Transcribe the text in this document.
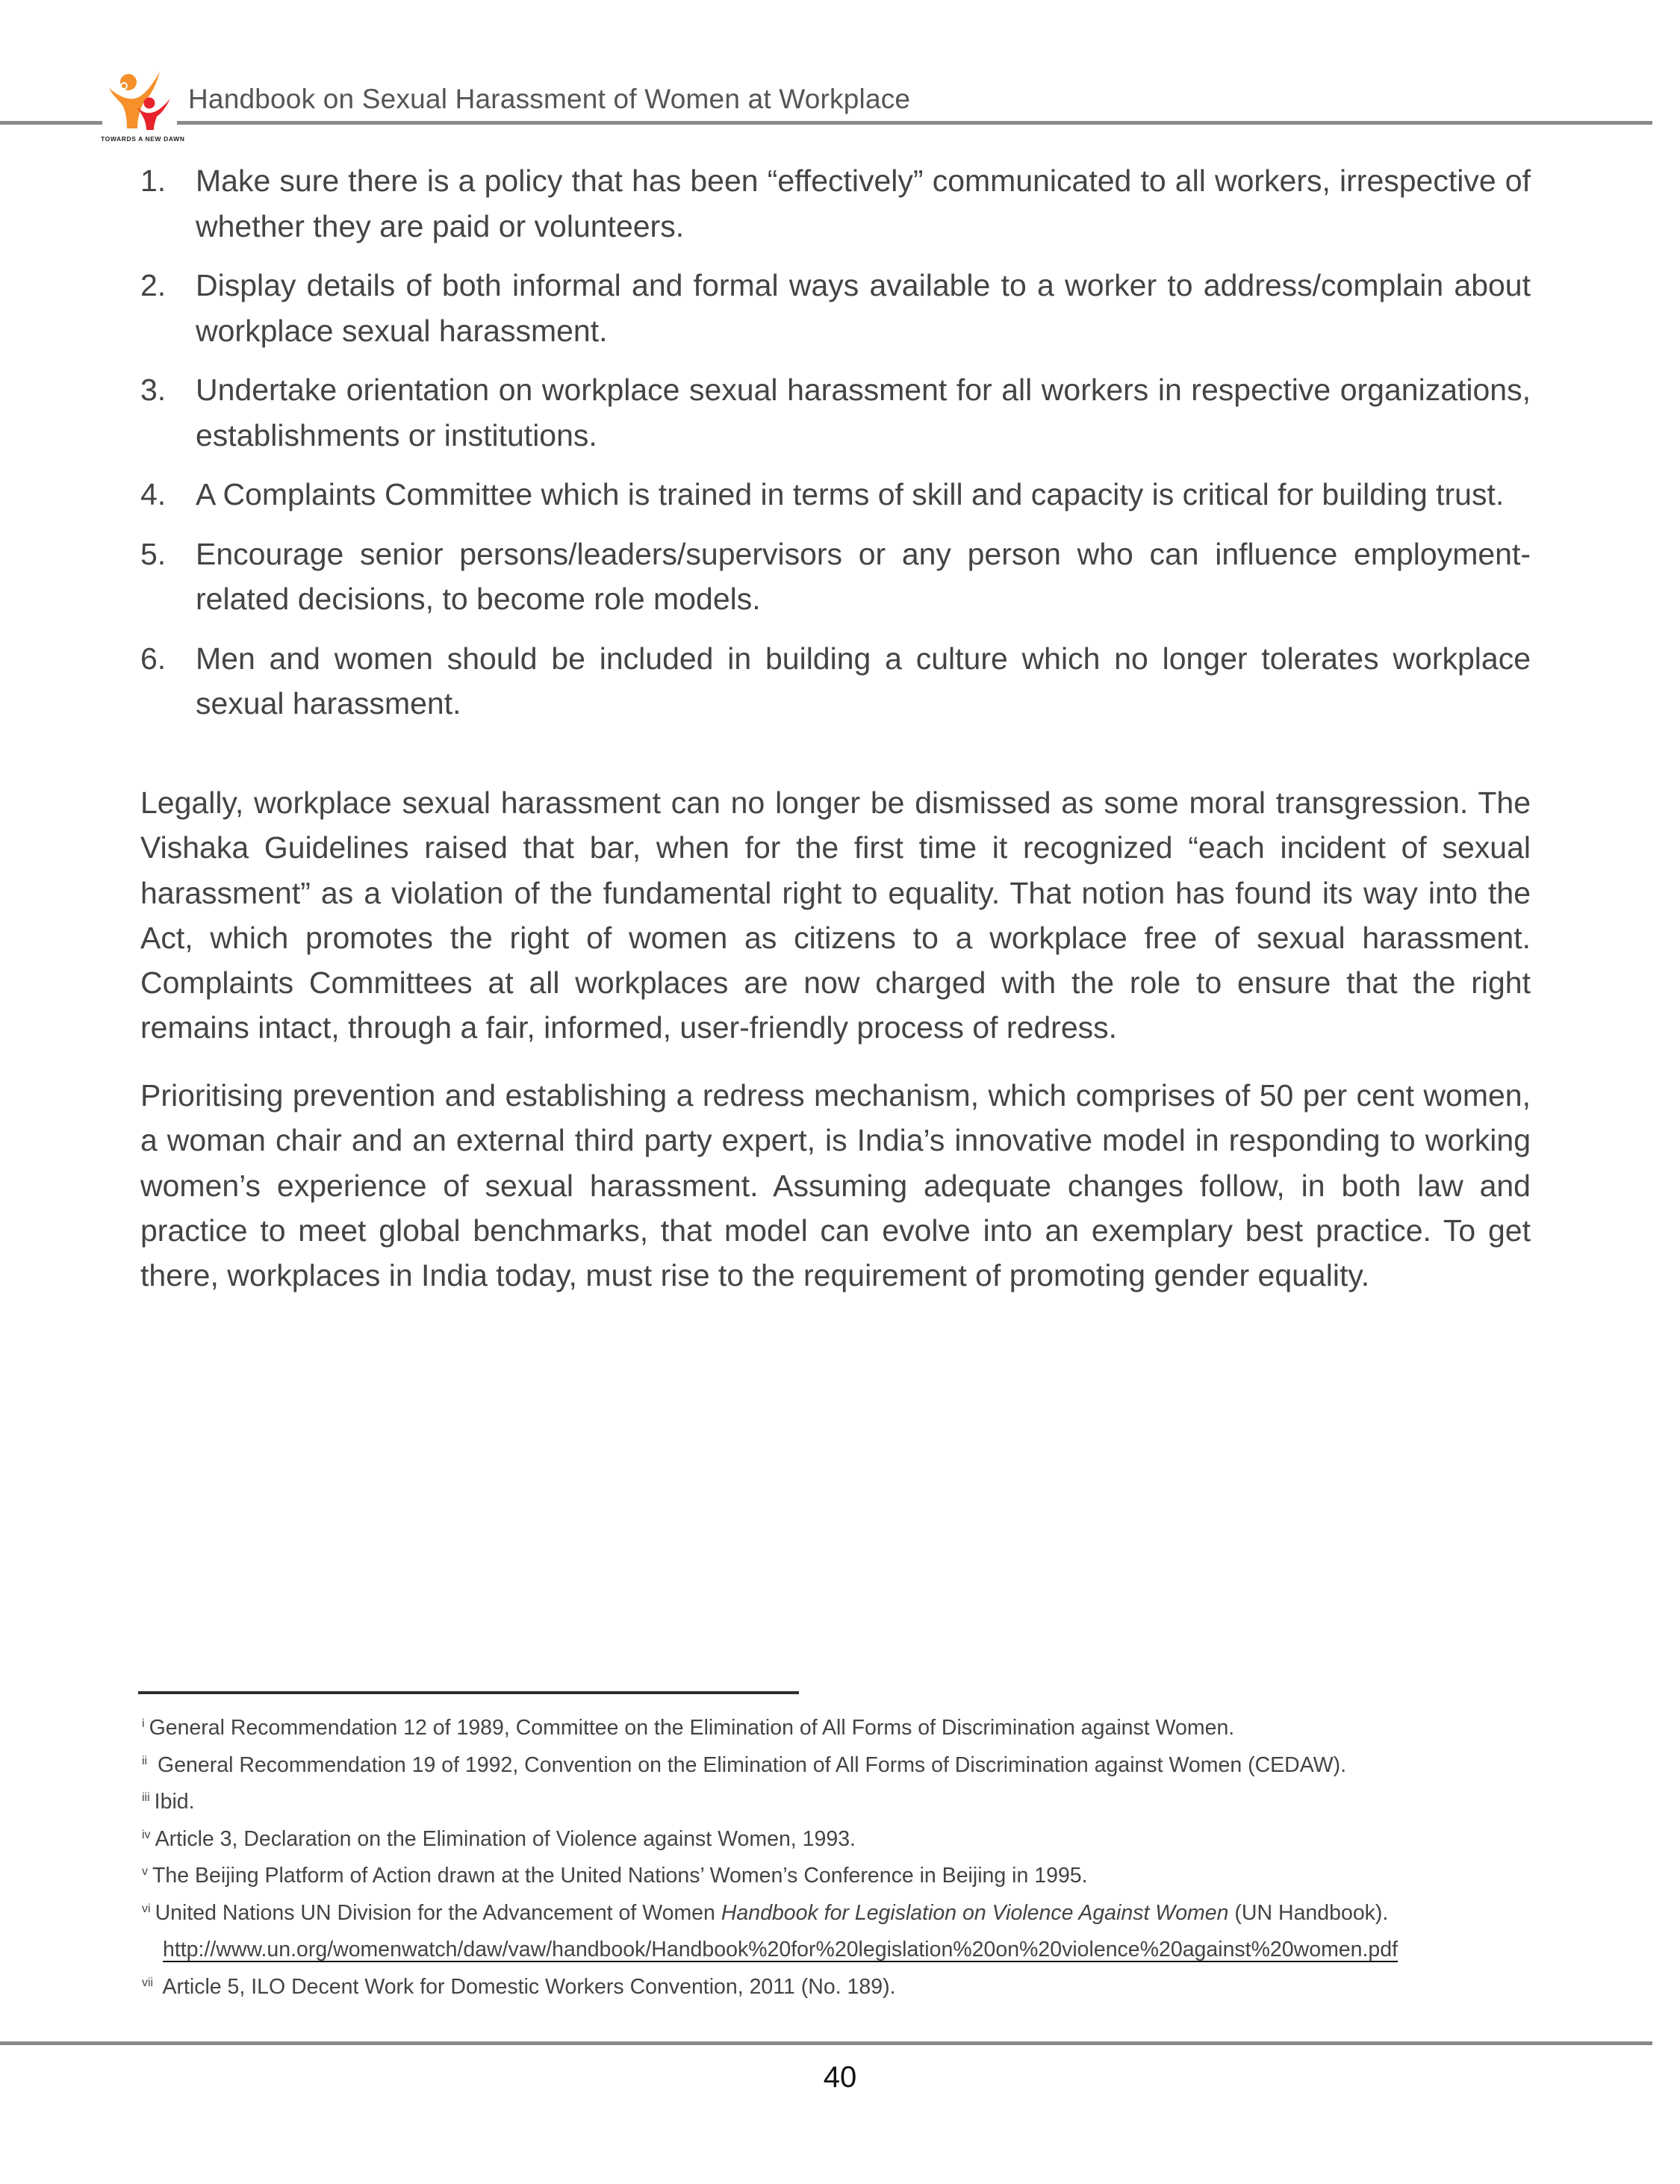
TOWARDS A NEW DAWN
Handbook on Sexual Harassment of Women at Workplace
1. Make sure there is a policy that has been “effectively” communicated to all workers, irrespective of whether they are paid or volunteers.
2. Display details of both informal and formal ways available to a worker to address/complain about workplace sexual harassment.
3. Undertake orientation on workplace sexual harassment for all workers in respective organizations, establishments or institutions.
4. A Complaints Committee which is trained in terms of skill and capacity is critical for building trust.
5. Encourage senior persons/leaders/supervisors or any person who can influence employment-related decisions, to become role models.
6. Men and women should be included in building a culture which no longer tolerates workplace sexual harassment.

Legally, workplace sexual harassment can no longer be dismissed as some moral transgression. The Vishaka Guidelines raised that bar, when for the first time it recognized “each incident of sexual harassment” as a violation of the fundamental right to equality. That notion has found its way into the Act, which promotes the right of women as citizens to a workplace free of sexual harassment. Complaints Committees at all workplaces are now charged with the role to ensure that the right remains intact, through a fair, informed, user-friendly process of redress.

Prioritising prevention and establishing a redress mechanism, which comprises of 50 per cent women, a woman chair and an external third party expert, is India’s innovative model in responding to working women’s experience of sexual harassment. Assuming adequate changes follow, in both law and practice to meet global benchmarks, that model can evolve into an exemplary best practice. To get there, workplaces in India today, must rise to the requirement of promoting gender equality.

$^i$ General Recommendation 12 of 1989, Committee on the Elimination of All Forms of Discrimination against Women.
$^{ii}$ General Recommendation 19 of 1992, Convention on the Elimination of All Forms of Discrimination against Women (CEDAW).
$^{iii}$ Ibid.
$^{iv}$ Article 3, Declaration on the Elimination of Violence against Women, 1993.
$^v$ The Beijing Platform of Action drawn at the United Nations’ Women’s Conference in Beijing in 1995.
$^{vi}$ United Nations UN Division for the Advancement of Women Handbook for Legislation on Violence Against Women (UN Handbook).
http://www.un.org/womenwatch/daw/vaw/handbook/Handbook%20for%20legislation%20on%20violence%20against%20women.pdf
$^{vii}$ Article 5, ILO Decent Work for Domestic Workers Convention, 2011 (No. 189).
40
